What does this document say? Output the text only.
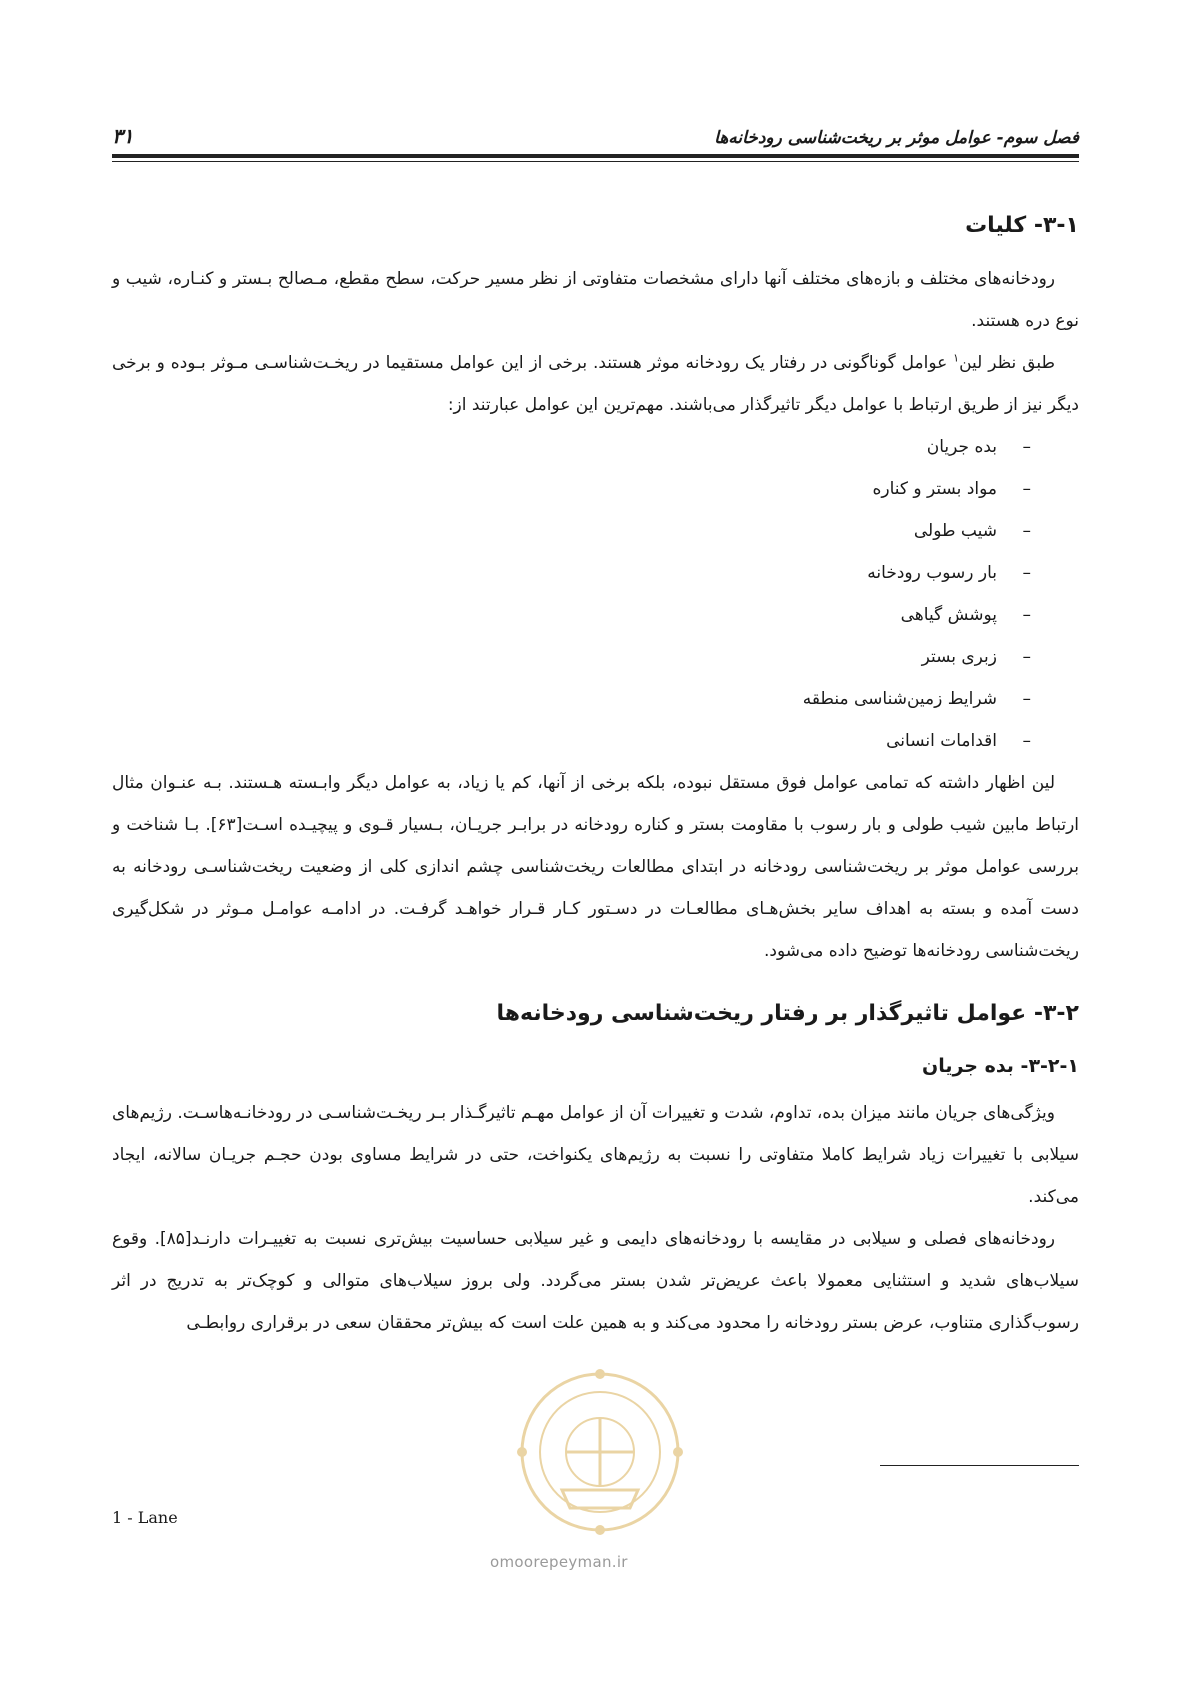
۳۱	فصل سوم- عوامل موثر بر ریخت‌شناسی رودخانه‌ها
۳-۱- کلیات

رودخانه‌های مختلف و بازه‌های مختلف آنها دارای مشخصات متفاوتی از نظر مسیر حرکت، سطح مقطع، مـصالح بـستر و کنـاره، شیب و نوع دره هستند.

طبق نظر لین$^۱$ عوامل گوناگونی در رفتار یک رودخانه موثر هستند. برخی از این عوامل مستقیما در ریخـت‌شناسـی مـوثر بـوده و برخی دیگر نیز از طریق ارتباط با عوامل دیگر تاثیرگذار می‌باشند. مهم‌ترین این عوامل عبارتند از:

–
بده جریان
–
مواد بستر و کناره
–
شیب طولی
–
بار رسوب رودخانه
–
پوشش گیاهی
–
زبری بستر
–
شرایط زمین‌شناسی منطقه
–
اقدامات انسانی

لین اظهار داشته که تمامی عوامل فوق مستقل نبوده، بلکه برخی از آنها، کم یا زیاد، به عوامل دیگر وابـسته هـستند. بـه عنـوان مثال ارتباط مابین شیب طولی و بار رسوب با مقاومت بستر و کناره رودخانه در برابـر جریـان، بـسیار قـوی و پیچیـده اسـت[۶۳]. بـا شناخت و بررسی عوامل موثر بر ریخت‌شناسی رودخانه در ابتدای مطالعات ریخت‌شناسی چشم اندازی کلی از وضعیت ریخت‌شناسـی رودخانه به دست آمده و بسته به اهداف سایر بخش‌هـای مطالعـات در دسـتور کـار قـرار خواهـد گرفـت. در ادامـه عوامـل مـوثر در شکل‌گیری ریخت‌شناسی رودخانه‌ها توضیح داده می‌شود.

۳-۲- عوامل تاثیرگذار بر رفتار ریخت‌شناسی رودخانه‌ها
۳-۲-۱- بده جریان

ویژگی‌های جریان مانند میزان بده، تداوم، شدت و تغییرات آن از عوامل مهـم تاثیرگـذار بـر ریخـت‌شناسـی در رودخانـه‌هاسـت. رژیم‌های سیلابی با تغییرات زیاد شرایط کاملا متفاوتی را نسبت به رژیم‌های یکنواخت، حتی در شرایط مساوی بودن حجـم جریـان سالانه، ایجاد می‌کند.

رودخانه‌های فصلی و سیلابی در مقایسه با رودخانه‌های دایمی و غیر سیلابی حساسیت بیش‌تری نسبت به تغییـرات دارنـد[۸۵]. وقوع سیلاب‌های شدید و استثنایی معمولا باعث عریض‌تر شدن بستر می‌گردد. ولی بروز سیلاب‌های متوالی و کوچک‌تر به تدریج در اثر رسوب‌گذاری متناوب، عرض بستر رودخانه را محدود می‌کند و به همین علت است که بیش‌تر محققان سعی در برقراری روابطـی

1 - Lane
omoorepeyman.ir
